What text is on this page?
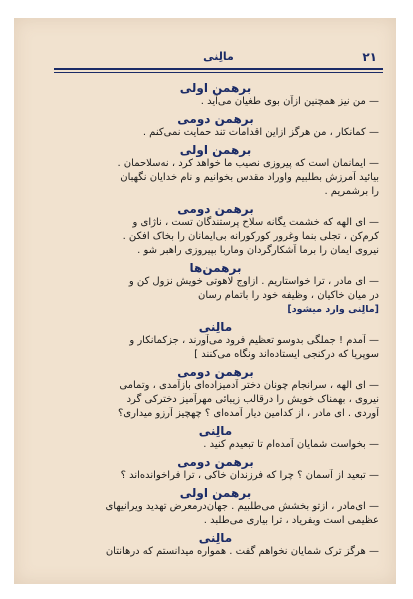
۲۱
مالِنی
برهمن اولی
— من نیز همچنین ازآن بوی طغیان می‌آید .
برهمن دومی
— کمانکار ، من هرگز ازاین اقدامات تند حمایت نمی‌کنم .
برهمن اولی
— ایمانمان است که پیروزی نصیب ما خواهد کرد ، نه‌سلاحمان .
بیائید آمرزش بطلبیم واوراد مقدس بخوانیم و نام خدایان نگهبان
را برشمریم .
برهمن دومی
— ای الهه که خشمت یگانه سلاح پرستندگان تست ، ناژای و
کرم‌کن ، تجلی بنما وغرور کورکورانه بی‌ایمانان را بخاک افکن .
نیروی ایمان را برما آشکارگردان وماربا بپیروزی راهبر شو .
برهمن‌ها
— ای مادر ، ترا خواستاریم . ازاوج لاهوتی خویش نزول کن و
در میان خاکیان ، وظیفه خود را باتمام رسان
[مالِنی وارد میشود]
مالِنی
— آمدم ! جملگی بدوسو تعظیم فرود می‌آورند ، جزکمانکار و
سوپریا که درکنجی ایستاده‌اند ونگاه می‌کنند ]
برهمن دومی
— ای الهه ، سرانجام چونان دختر آدمیزاده‌ای بازآمدی ، وتمامی
نیروی ، بهمناک خویش را درقالب زیبائی مهرآمیز دخترکی گرد
آوردی . ای مادر ، از کدامین دیار آمده‌ای ؟ چهچیز آرزو میداری؟
مالِنی
— بخواست شمایان آمده‌ام تا تبعیدم کنید .
برهمن دومی
— تبعید از آسمان ؟ چرا که فرزندان خاکی ، ترا فراخوانده‌اند ؟
برهمن اولی
— ای‌مادر ، ازتو بخشش می‌طلبیم . جهان‌درمعرض تهدید ویرانیهای
عظیمی است وبفریاد ، ترا بیاری می‌طلبد .
مالِنی
— هرگز ترک شمایان نخواهم گفت . همواره میدانستم که درهانتان
